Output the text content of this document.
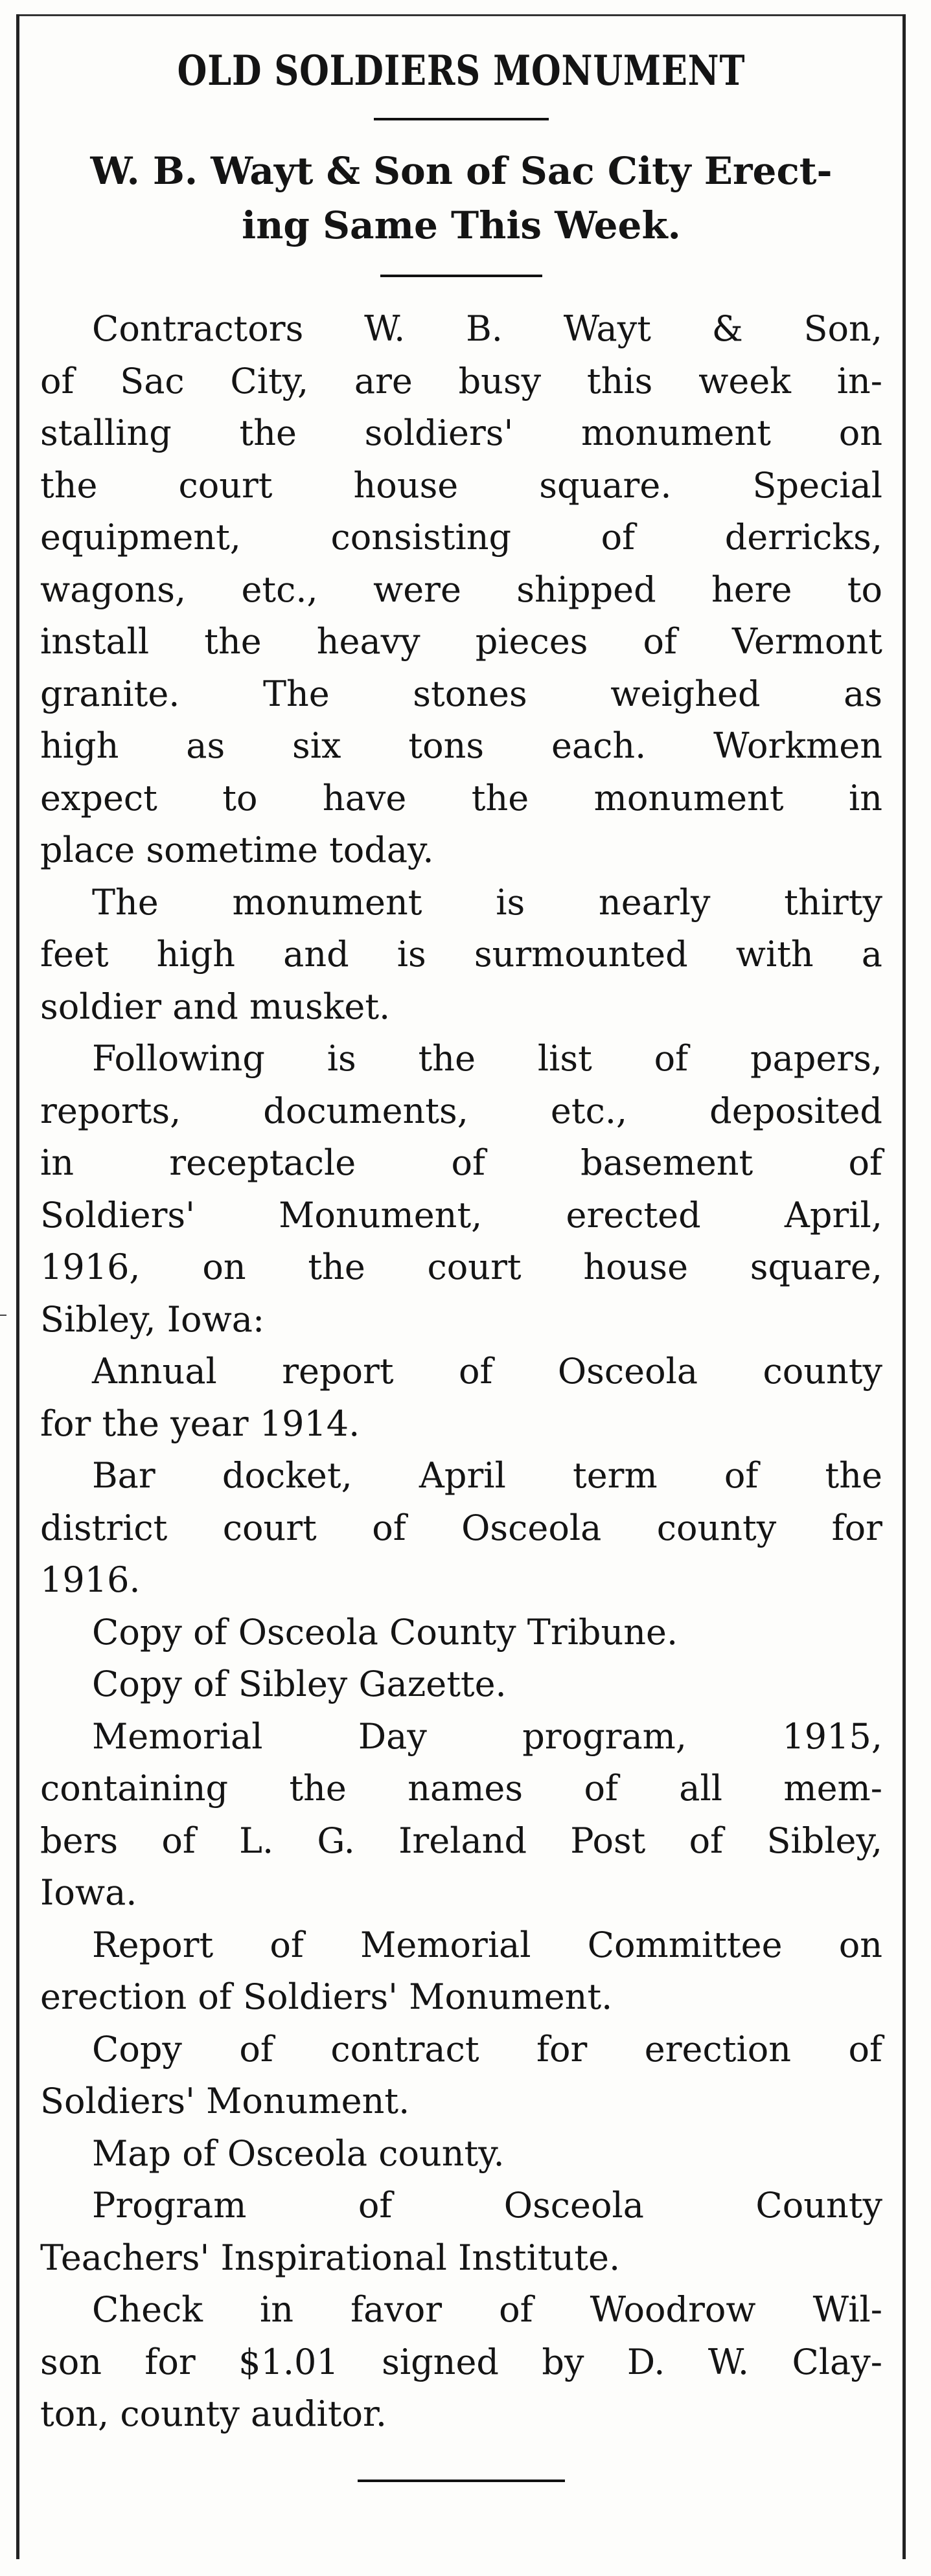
OLD SOLDIERS MONUMENT
W. B. Wayt & Son of Sac City Erect-
ing Same This Week.
Contractors W. B. Wayt & Son,
of Sac City, are busy this week in-
stalling the soldiers' monument on
the court house square. Special
equipment, consisting of derricks,
wagons, etc., were shipped here to
install the heavy pieces of Vermont
granite. The stones weighed as
high as six tons each. Workmen
expect to have the monument in
place sometime today.
The monument is nearly thirty
feet high and is surmounted with a
soldier and musket.
Following is the list of papers,
reports, documents, etc., deposited
in receptacle of basement of
Soldiers' Monument, erected April,
1916, on the court house square,
Sibley, Iowa:
Annual report of Osceola county
for the year 1914.
Bar docket, April term of the
district court of Osceola county for
1916.
Copy of Osceola County Tribune.
Copy of Sibley Gazette.
Memorial Day program, 1915,
containing the names of all mem-
bers of L. G. Ireland Post of Sibley,
Iowa.
Report of Memorial Committee on
erection of Soldiers' Monument.
Copy of contract for erection of
Soldiers' Monument.
Map of Osceola county.
Program of Osceola County
Teachers' Inspirational Institute.
Check in favor of Woodrow Wil-
son for $1.01 signed by D. W. Clay-
ton, county auditor.
